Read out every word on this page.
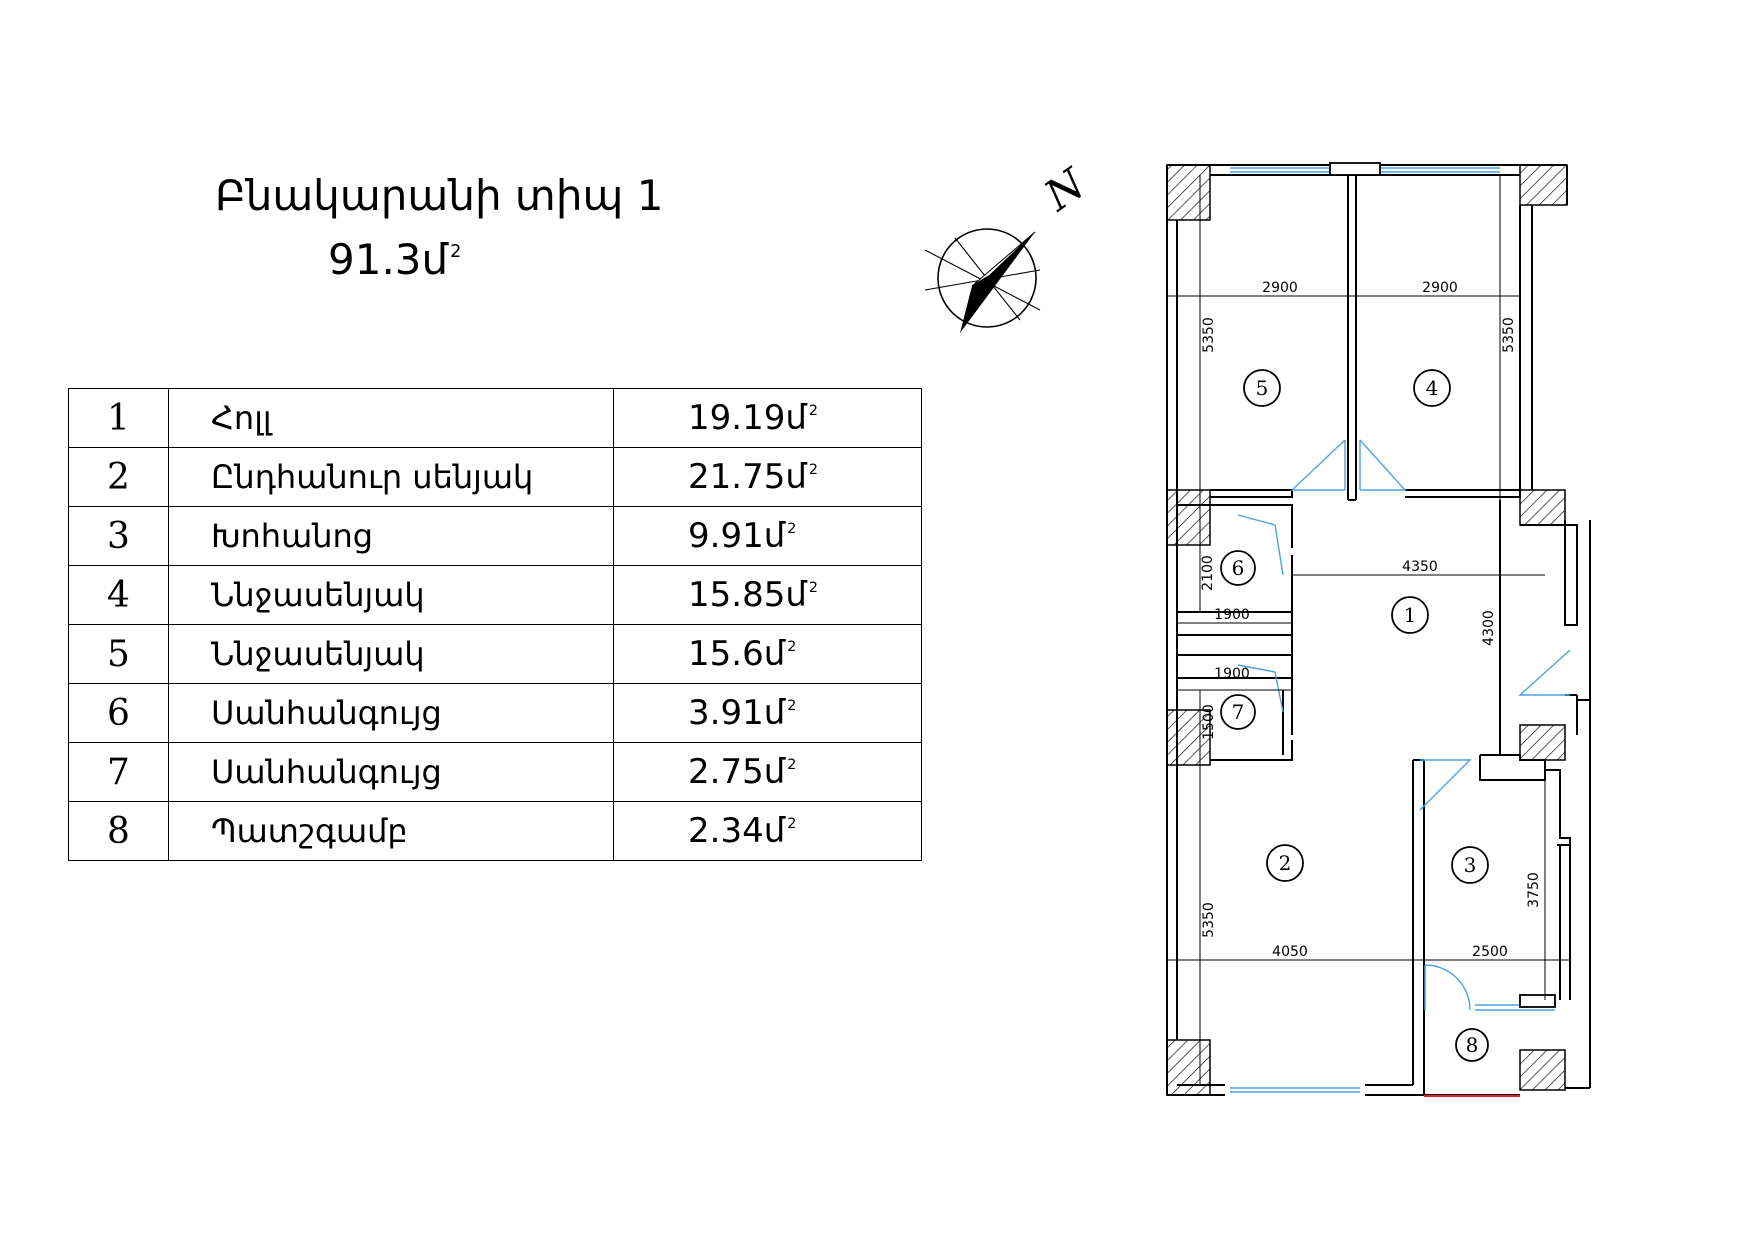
Բնակարանի տիպ 1
91.3մ $^2$
1	Հոլլ	19.19մ $^2$
2	Ընդհանուր սենյակ	21.75մ $^2$
3	Խոհանոց	9.91մ $^2$
4	Ննջասենյակ	15.85մ $^2$
5	Ննջասենյակ	15.6մ $^2$
6	Սանհանգույց	3.91մ $^2$
7	Սանհանգույց	2.75մ $^2$
8	Պատշգամբ	2.34մ $^2$
N
2900	2900
5350	5350
4350
4300
2100
1900
1900
1500
5350
4050	2500
3750
5	4
6
1
7
2	3
8
